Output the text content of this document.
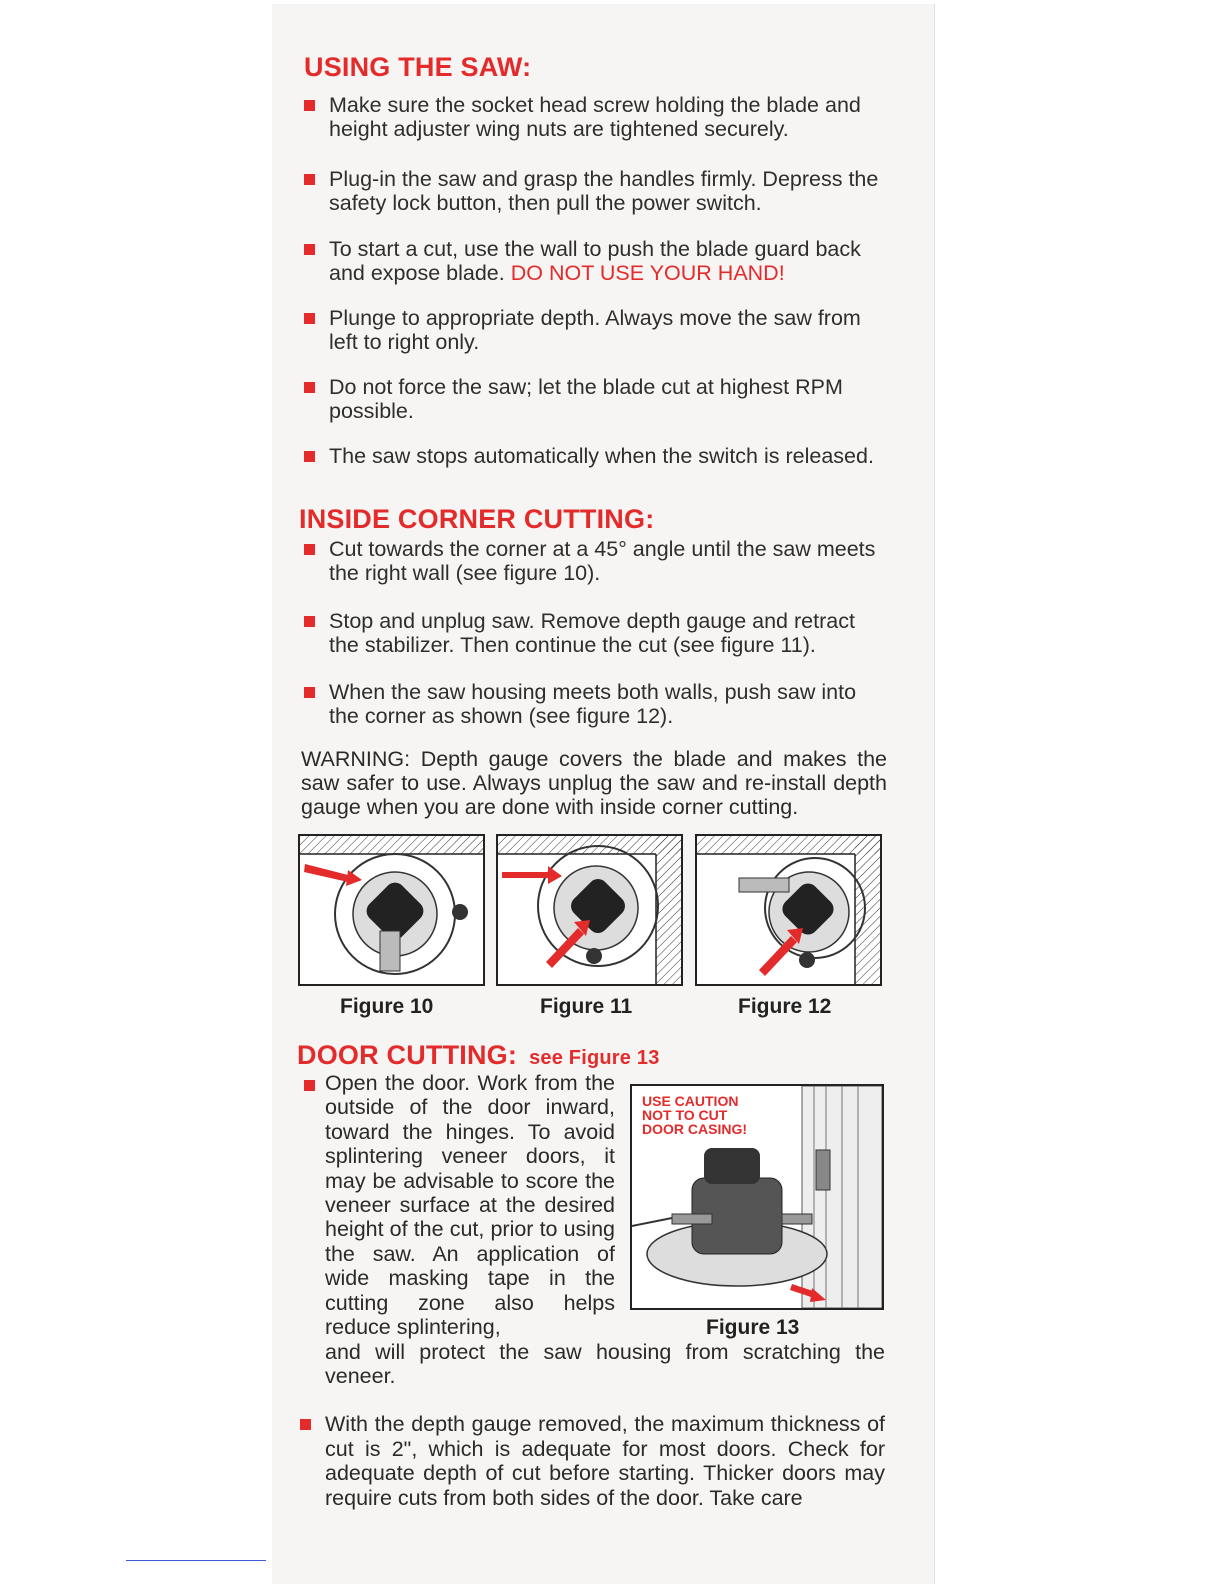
USING THE SAW:
Make sure the socket head screw holding the blade and height adjuster wing nuts are tightened securely.
Plug-in the saw and grasp the handles firmly. Depress the safety lock button, then pull the power switch.
To start a cut, use the wall to push the blade guard back and expose blade. DO NOT USE YOUR HAND!
Plunge to appropriate depth. Always move the saw from left to right only.
Do not force the saw; let the blade cut at highest RPM possible.
The saw stops automatically when the switch is released.
INSIDE CORNER CUTTING:
Cut towards the corner at a 45° angle until the saw meets the right wall (see figure 10).
Stop and unplug saw. Remove depth gauge and retract the stabilizer. Then continue the cut (see figure 11).
When the saw housing meets both walls, push saw into the corner as shown (see figure 12).
WARNING: Depth gauge covers the blade and makes the saw safer to use. Always unplug the saw and re-install depth gauge when you are done with inside corner cutting.
Figure 10	Figure 11	Figure 12
DOOR CUTTING: see Figure 13
Open the door. Work from the outside of the door inward, toward the hinges. To avoid splintering veneer doors, it may be advisable to score the veneer surface at the desired height of the cut, prior to using the saw. An application of wide masking tape in the cutting zone also helps reduce splintering,
USE CAUTION
NOT TO CUT
DOOR CASING!
Figure 13
and will protect the saw housing from scratching the veneer.
With the depth gauge removed, the maximum thickness of cut is 2", which is adequate for most doors. Check for adequate depth of cut before starting. Thicker doors may require cuts from both sides of the door. Take care
